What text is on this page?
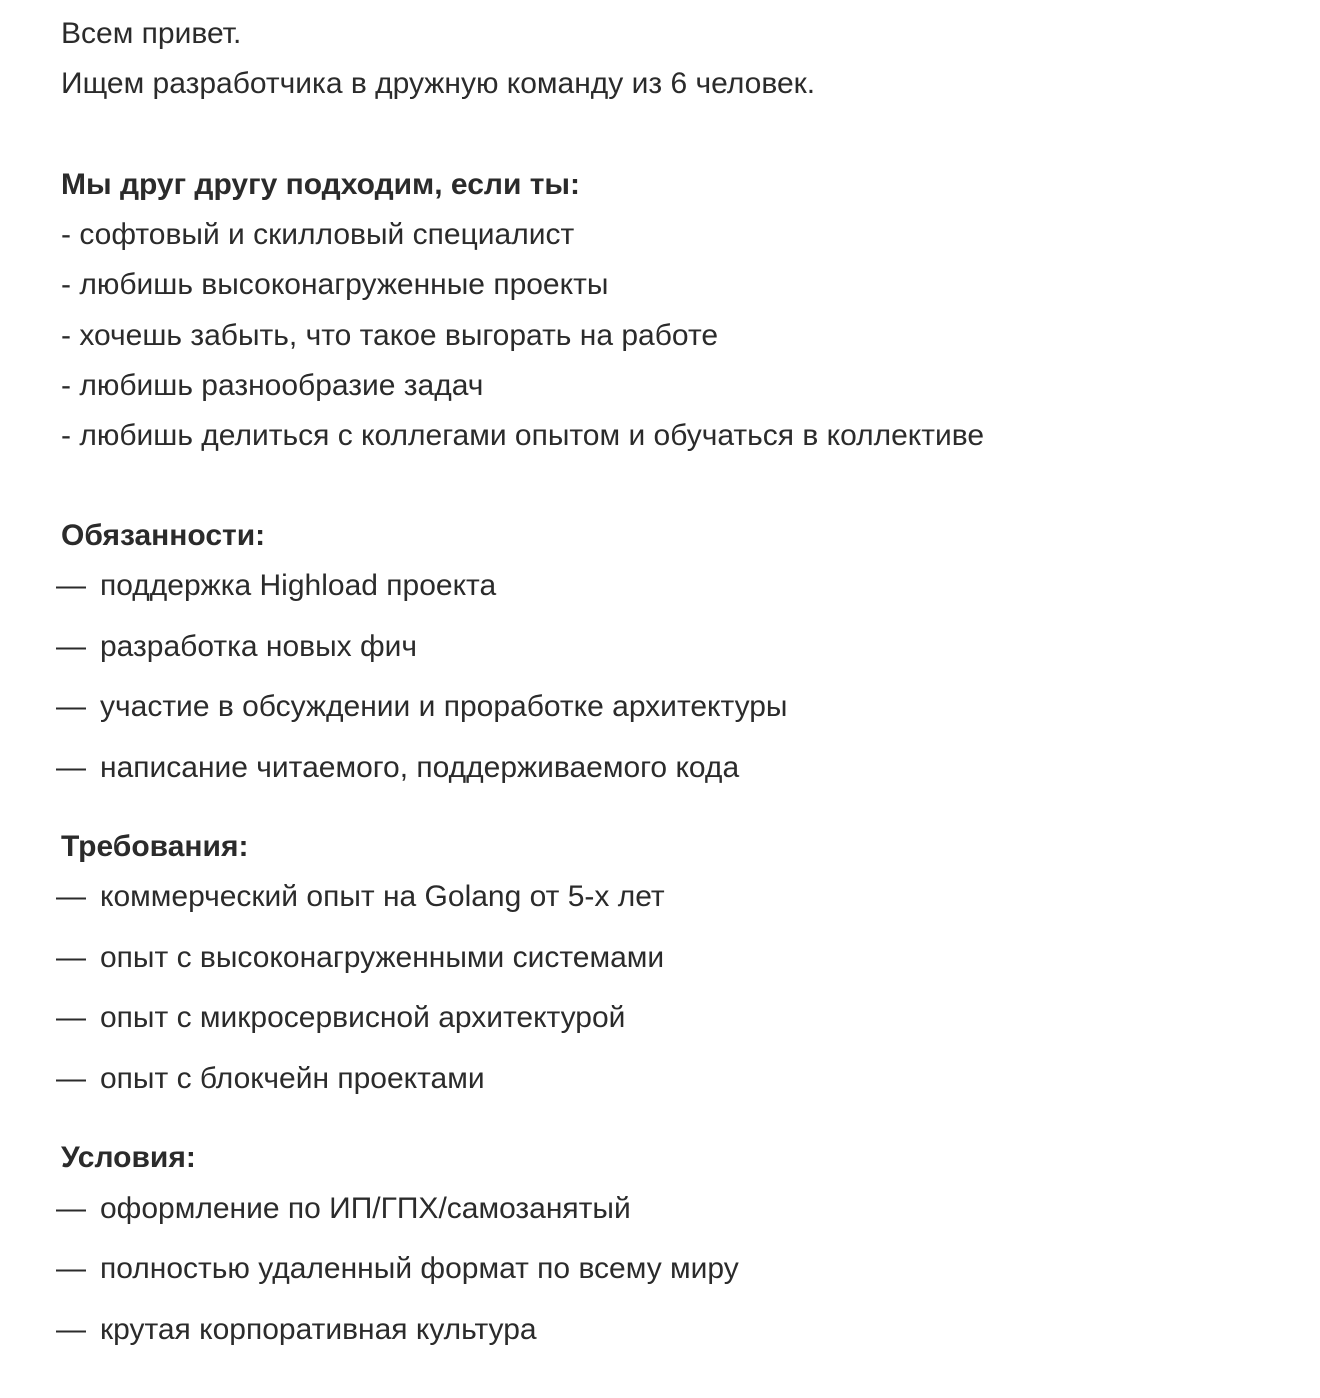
Всем привет.
Ищем разработчика в дружную команду из 6 человек.
Мы друг другу подходим, если ты:
- софтовый и скилловый специалист
- любишь высоконагруженные проекты
- хочешь забыть, что такое выгорать на работе
- любишь разнообразие задач
- любишь делиться с коллегами опытом и обучаться в коллективе
Обязанности:
— поддержка Highload проекта
— разработка новых фич
— участие в обсуждении и проработке архитектуры
— написание читаемого, поддерживаемого кода
Требования:
— коммерческий опыт на Golang от 5-х лет
— опыт с высоконагруженными системами
— опыт с микросервисной архитектурой
— опыт с блокчейн проектами
Условия:
— оформление по ИП/ГПХ/самозанятый
— полностью удаленный формат по всему миру
— крутая корпоративная культура
